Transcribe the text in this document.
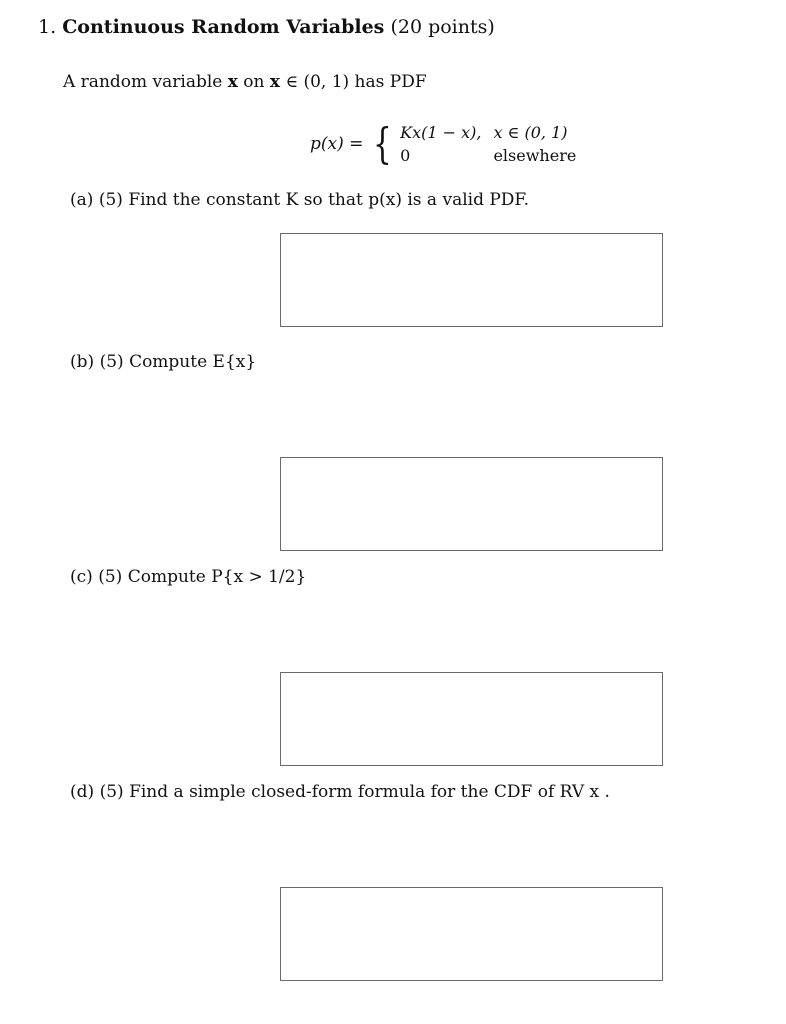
1. Continuous Random Variables (20 points)
A random variable x on x ∈ (0, 1) has PDF
p(x) = { Kx(1 − x), x ∈ (0, 1)
0	elsewhere
(a) (5) Find the constant K so that p(x) is a valid PDF.
(b) (5) Compute E{x}
(c) (5) Compute P{x > 1/2}
(d) (5) Find a simple closed-form formula for the CDF of RV x .
